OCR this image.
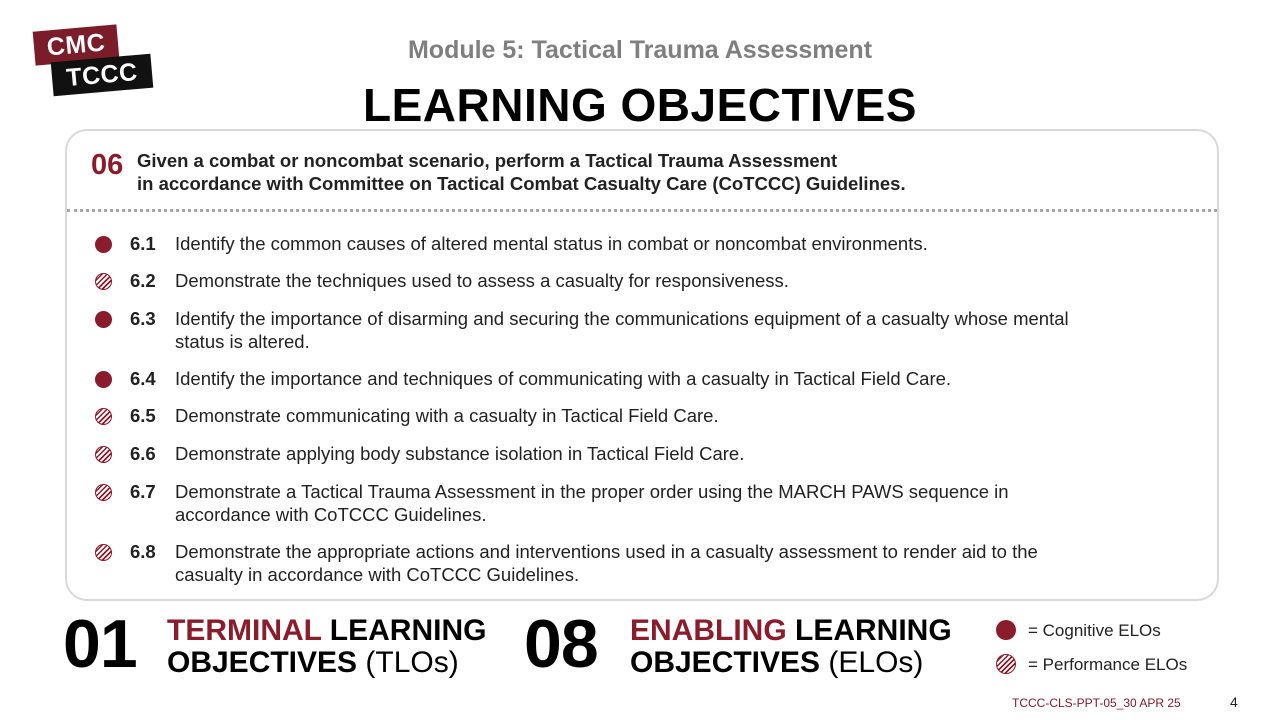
CMC
TCCC
Module 5: Tactical Trauma Assessment
LEARNING OBJECTIVES
06 Given a combat or noncombat scenario, perform a Tactical Trauma Assessment
in accordance with Committee on Tactical Combat Casualty Care (CoTCCC) Guidelines.
6.1 Identify the common causes of altered mental status in combat or noncombat environments.
6.2 Demonstrate the techniques used to assess a casualty for responsiveness.
6.3 Identify the importance of disarming and securing the communications equipment of a casualty whose mental
status is altered.
6.4 Identify the importance and techniques of communicating with a casualty in Tactical Field Care.
6.5 Demonstrate communicating with a casualty in Tactical Field Care.
6.6 Demonstrate applying body substance isolation in Tactical Field Care.
6.7 Demonstrate a Tactical Trauma Assessment in the proper order using the MARCH PAWS sequence in
accordance with CoTCCC Guidelines.
6.8 Demonstrate the appropriate actions and interventions used in a casualty assessment to render aid to the
casualty in accordance with CoTCCC Guidelines.
01 TERMINAL LEARNING
OBJECTIVES (TLOs) 08 ENABLING LEARNING
OBJECTIVES (ELOs)
= Cognitive ELOs
= Performance ELOs
TCCC-CLS-PPT-05_30 APR 25	4
